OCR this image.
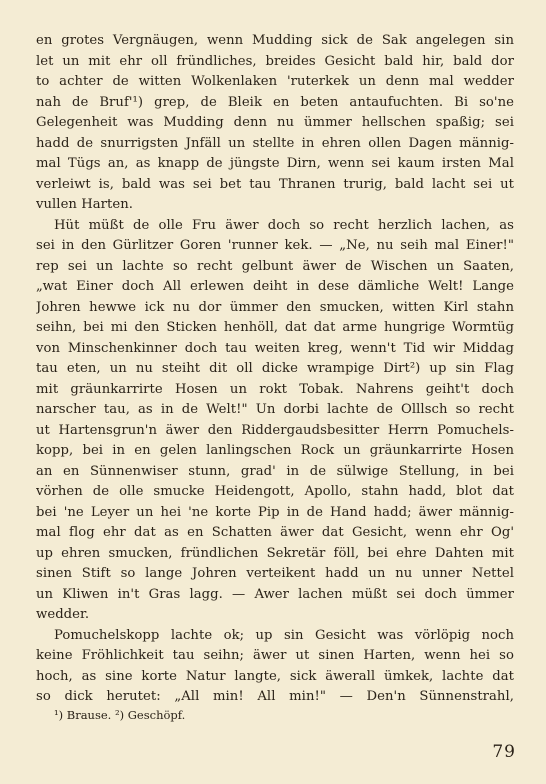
en grotes Vergnäugen, wenn Mudding sick de Sak angelegen sin
let un mit ehr oll fründliches, breides Gesicht bald hir, bald dor
to achter de witten Wolkenlaken 'ruterkek un denn mal wedder
nah de Bruf'¹) grep, de Bleik en beten antaufuchten. Bi so'ne
Gelegenheit was Mudding denn nu ümmer hellschen spaßig; sei
hadd de snurrigsten Jnfäll un stellte in ehren ollen Dagen männig-
mal Tügs an, as knapp de jüngste Dirn, wenn sei kaum irsten Mal
verleiwt is, bald was sei bet tau Thranen trurig, bald lacht sei ut
vullen Harten.
Hüt müßt de olle Fru äwer doch so recht herzlich lachen, as
sei in den Gürlitzer Goren 'runner kek. — „Ne, nu seih mal Einer!"
rep sei un lachte so recht gelbunt äwer de Wischen un Saaten,
„wat Einer doch All erlewen deiht in dese dämliche Welt! Lange
Johren hewwe ick nu dor ümmer den smucken, witten Kirl stahn
seihn, bei mi den Sticken henhöll, dat dat arme hungrige Wormtüg
von Minschenkinner doch tau weiten kreg, wenn't Tid wir Middag
tau eten, un nu steiht dit oll dicke wrampige Dirt²) up sin Flag
mit gräunkarrirte Hosen un rokt Tobak. Nahrens geiht't doch
narscher tau, as in de Welt!" Un dorbi lachte de Olllsch so recht
ut Hartensgrun'n äwer den Riddergaudsbesitter Herrn Pomuchels-
kopp, bei in en gelen lanlingschen Rock un gräunkarrirte Hosen
an en Sünnenwiser stunn, grad' in de sülwige Stellung, in bei
vörhen de olle smucke Heidengott, Apollo, stahn hadd, blot dat
bei 'ne Leyer un hei 'ne korte Pip in de Hand hadd; äwer männig-
mal flog ehr dat as en Schatten äwer dat Gesicht, wenn ehr Og'
up ehren smucken, fründlichen Sekretär föll, bei ehre Dahten mit
sinen Stift so lange Johren verteikent hadd un nu unner Nettel
un Kliwen in't Gras lagg. — Awer lachen müßt sei doch ümmer
wedder.
Pomuchelskopp lachte ok; up sin Gesicht was vörlöpig noch
keine Fröhlichkeit tau seihn; äwer ut sinen Harten, wenn hei so
hoch, as sine korte Natur langte, sick äwerall ümkek, lachte dat
so dick herutet: „All min! All min!" — Den'n Sünnenstrahl,
¹) Brause. ²) Geschöpf.
79
